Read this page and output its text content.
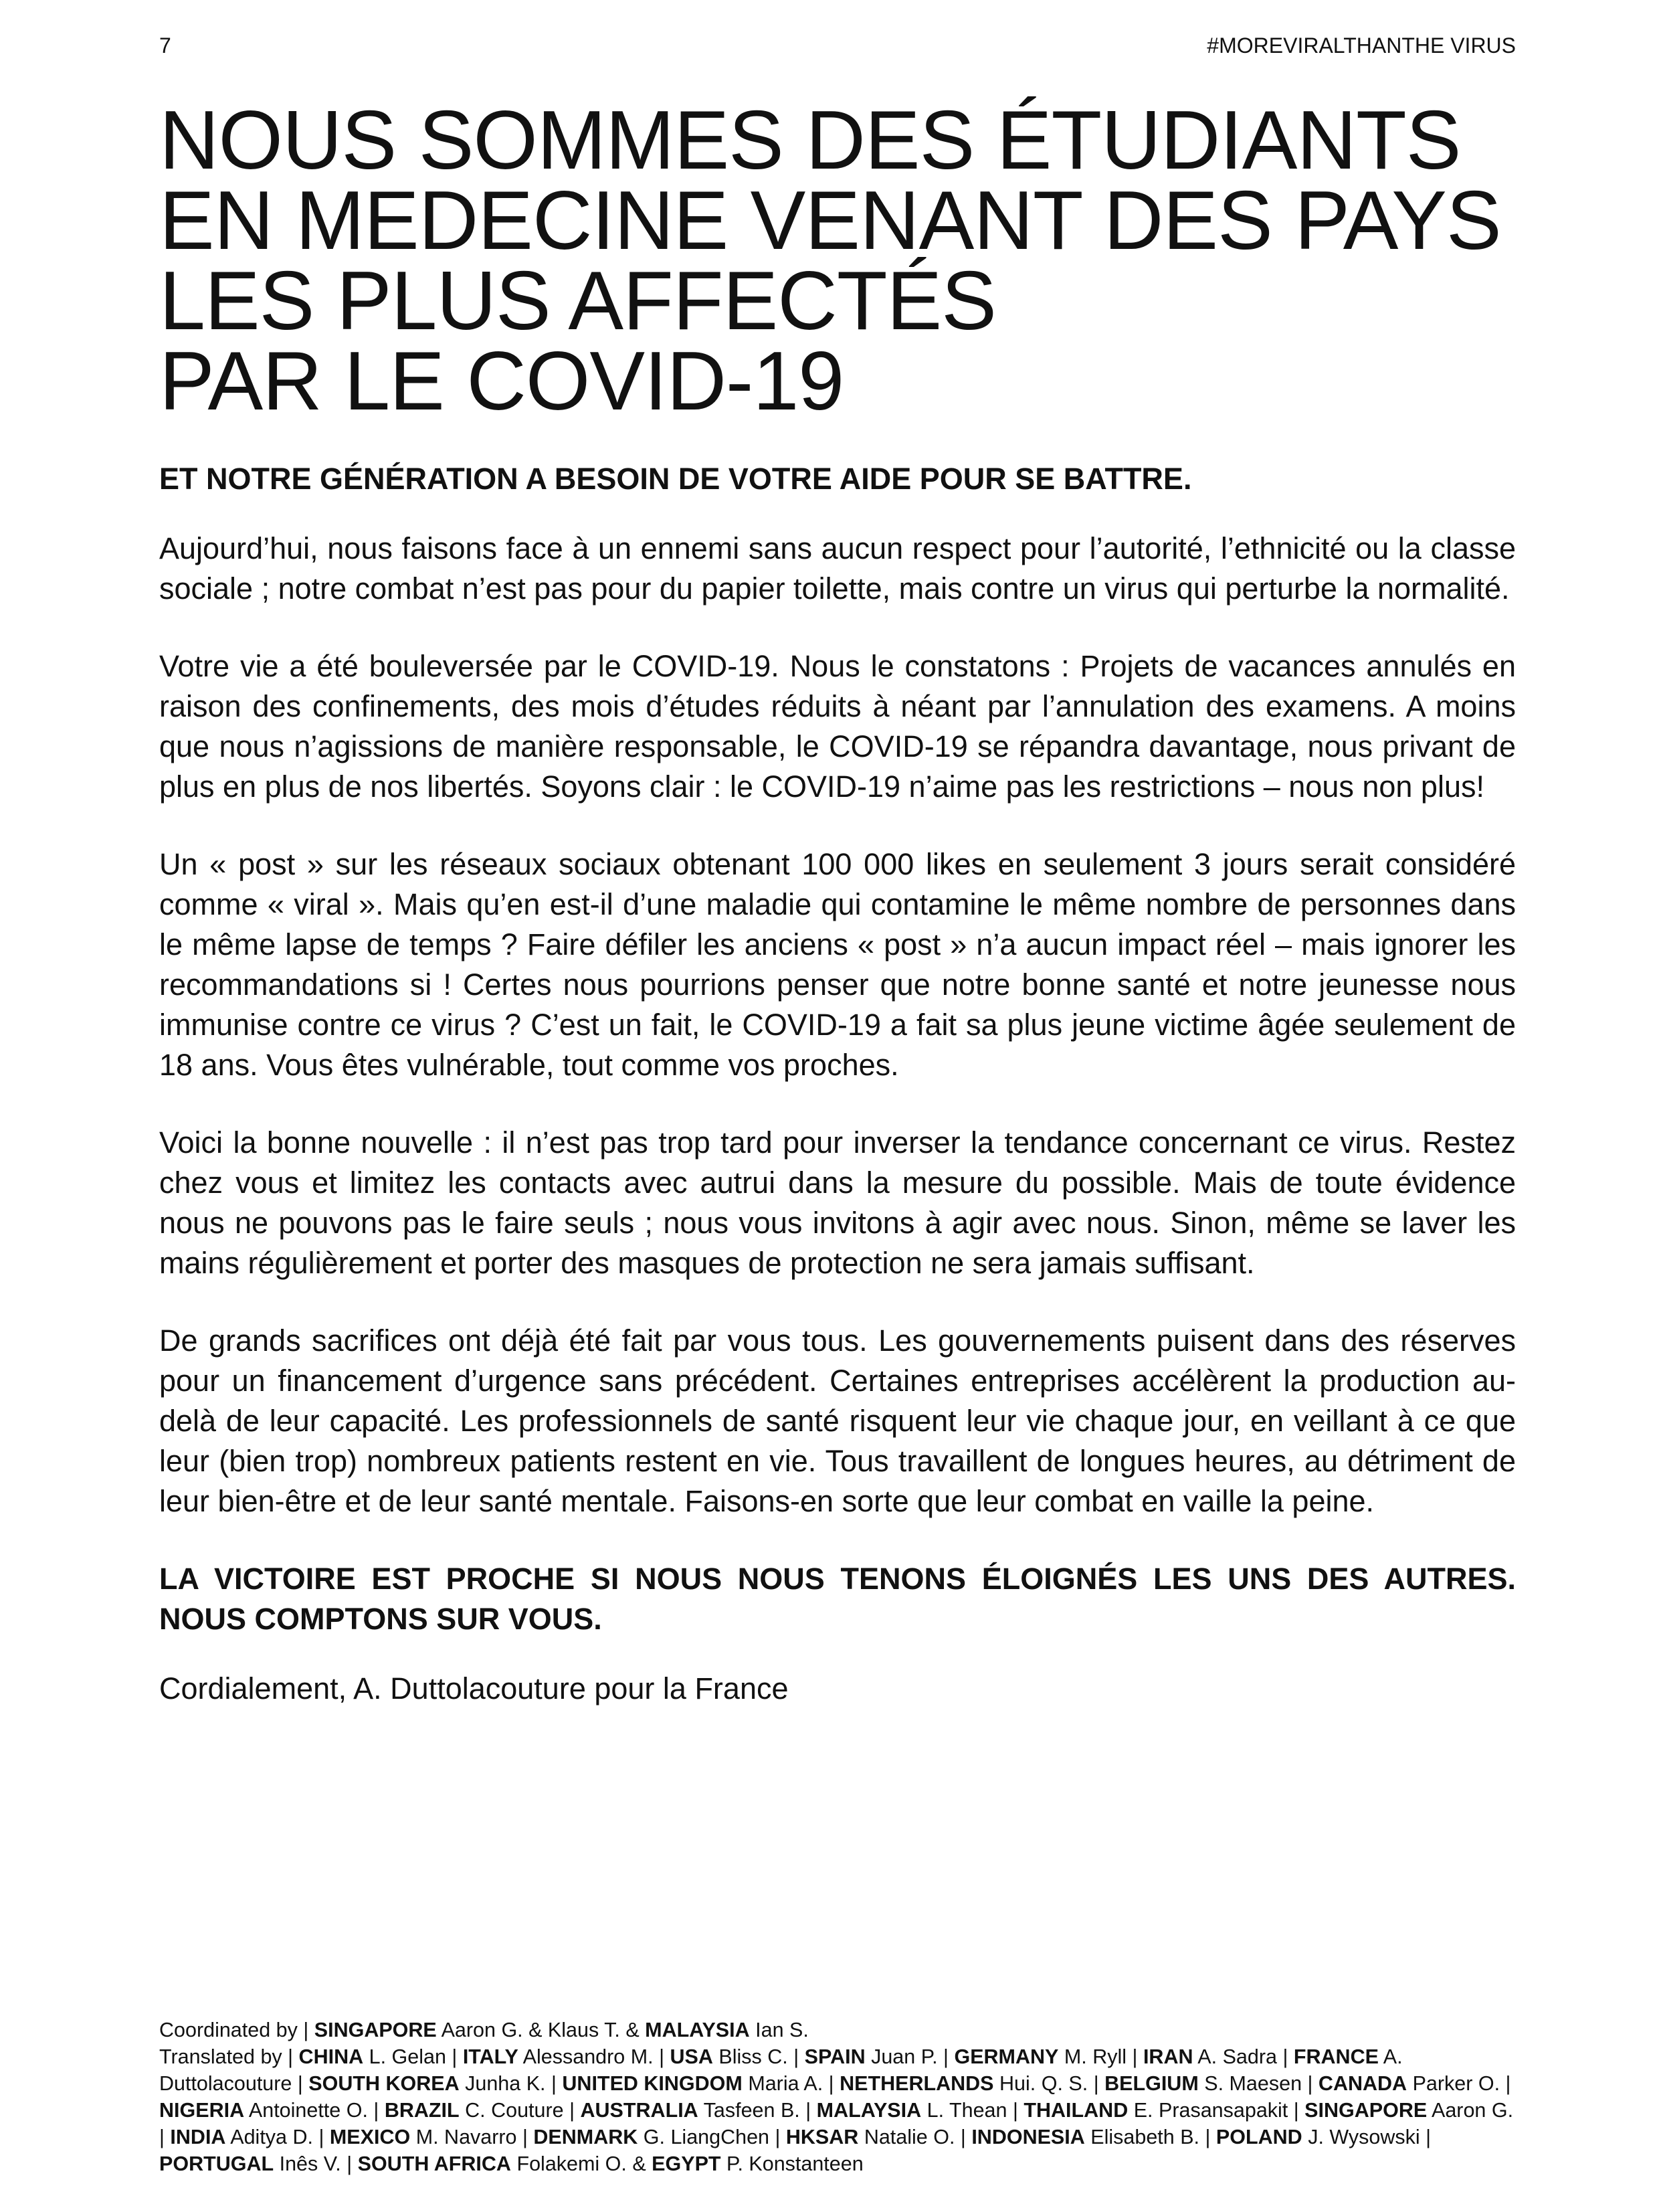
7	#MOREVIRALTHANTHE VIRUS
NOUS SOMMES DES ÉTUDIANTS
EN MEDECINE VENANT DES PAYS
LES PLUS AFFECTÉS
PAR LE COVID-19

ET NOTRE GÉNÉRATION A BESOIN DE VOTRE AIDE POUR SE BATTRE.

Aujourd’hui, nous faisons face à un ennemi sans aucun respect pour l’autorité, l’ethnicité ou la classe sociale ; notre combat n’est pas pour du papier toilette, mais contre un virus qui perturbe la normalité.

Votre vie a été bouleversée par le COVID-19. Nous le constatons : Projets de vacances annulés en raison des confinements, des mois d’études réduits à néant par l’annulation des examens. A moins que nous n’agissions de manière responsable, le COVID-19 se répandra davantage, nous privant de plus en plus de nos libertés. Soyons clair : le COVID-19 n’aime pas les restrictions – nous non plus!

Un « post » sur les réseaux sociaux obtenant 100 000 likes en seulement 3 jours serait considéré comme « viral ». Mais qu’en est-il d’une maladie qui contamine le même nombre de personnes dans le même lapse de temps ? Faire défiler les anciens « post » n’a aucun impact réel – mais ignorer les recommandations si ! Certes nous pourrions penser que notre bonne santé et notre jeunesse nous immunise contre ce virus ? C’est un fait, le COVID-19 a fait sa plus jeune victime âgée seulement de 18 ans. Vous êtes vulnérable, tout comme vos proches.

Voici la bonne nouvelle : il n’est pas trop tard pour inverser la tendance concernant ce virus. Restez chez vous et limitez les contacts avec autrui dans la mesure du possible. Mais de toute évidence nous ne pouvons pas le faire seuls ; nous vous invitons à agir avec nous. Sinon, même se laver les mains régulièrement et porter des masques de protection ne sera jamais suffisant.

De grands sacrifices ont déjà été fait par vous tous. Les gouvernements puisent dans des réserves pour un financement d’urgence sans précédent. Certaines entreprises accélèrent la production au-delà de leur capacité. Les professionnels de santé risquent leur vie chaque jour, en veillant à ce que leur (bien trop) nombreux patients restent en vie. Tous travaillent de longues heures, au détriment de leur bien-être et de leur santé mentale. Faisons-en sorte que leur combat en vaille la peine.

LA VICTOIRE EST PROCHE SI NOUS NOUS TENONS ÉLOIGNÉS LES UNS DES AUTRES. NOUS COMPTONS SUR VOUS.

Cordialement, A. Duttolacouture pour la France

Coordinated by | SINGAPORE Aaron G. & Klaus T. & MALAYSIA Ian S.

Translated by | CHINA L. Gelan | ITALY Alessandro M. | USA Bliss C. | SPAIN Juan P. | GERMANY M. Ryll | IRAN A. Sadra | FRANCE A. Duttolacouture | SOUTH KOREA Junha K. | UNITED KINGDOM Maria A. | NETHERLANDS Hui. Q. S. | BELGIUM S. Maesen | CANADA Parker O. | NIGERIA Antoinette O. | BRAZIL C. Couture | AUSTRALIA Tasfeen B. | MALAYSIA L. Thean | THAILAND E. Prasansapakit | SINGAPORE Aaron G. | INDIA Aditya D. | MEXICO M. Navarro | DENMARK G. LiangChen | HKSAR Natalie O. | INDONESIA Elisabeth B. | POLAND J. Wysowski | PORTUGAL Inês V. | SOUTH AFRICA Folakemi O. & EGYPT P. Konstanteen
